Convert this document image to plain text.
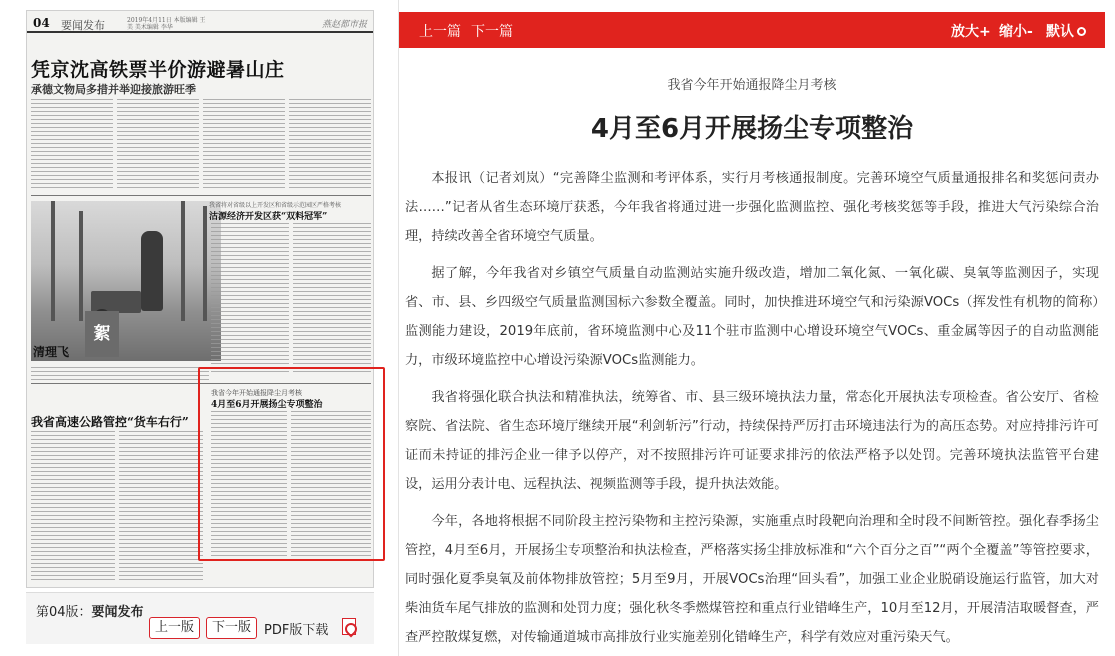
04 要闻发布	2019年4月11日 本版编辑 王美 美术编辑 李华	燕赵都市报
凭京沈高铁票半价游避暑山庄
承德文物局多措并举迎接旅游旺季
絮
清理飞
我省将对省级以上开发区和省级示范园区严格考核
沽源经济开发区获“双料冠军”
我省高速公路管控“货车右行”
我省今年开始通报降尘月考核
4月至6月开展扬尘专项整治
第04版：要闻发布
上一版	下一版 PDF版下载
上一篇 下一篇	放大+ 缩小- 默认
我省今年开始通报降尘月考核
4月至6月开展扬尘专项整治

本报讯（记者刘岚）“完善降尘监测和考评体系，实行月考核通报制度。完善环境空气质量通报排名和奖惩问责办法……”记者从省生态环境厅获悉，今年我省将通过进一步强化监测监控、强化考核奖惩等手段，推进大气污染综合治理，持续改善全省环境空气质量。

据了解，今年我省对乡镇空气质量自动监测站实施升级改造，增加二氧化氮、一氧化碳、臭氧等监测因子，实现省、市、县、乡四级空气质量监测国标六参数全覆盖。同时，加快推进环境空气和污染源VOCs（挥发性有机物的简称）监测能力建设，2019年底前，省环境监测中心及11个驻市监测中心增设环境空气VOCs、重金属等因子的自动监测能力，市级环境监控中心增设污染源VOCs监测能力。

我省将强化联合执法和精准执法，统筹省、市、县三级环境执法力量，常态化开展执法专项检查。省公安厅、省检察院、省法院、省生态环境厅继续开展“利剑斩污”行动，持续保持严厉打击环境违法行为的高压态势。对应持排污许可证而未持证的排污企业一律予以停产，对不按照排污许可证要求排污的依法严格予以处罚。完善环境执法监管平台建设，运用分表计电、远程执法、视频监测等手段，提升执法效能。

今年，各地将根据不同阶段主控污染物和主控污染源，实施重点时段靶向治理和全时段不间断管控。强化春季扬尘管控，4月至6月，开展扬尘专项整治和执法检查，严格落实扬尘排放标准和“六个百分之百”“两个全覆盖”等管控要求，同时强化夏季臭氧及前体物排放管控；5月至9月，开展VOCs治理“回头看”，加强工业企业脱硝设施运行监管，加大对柴油货车尾气排放的监测和处罚力度；强化秋冬季燃煤管控和重点行业错峰生产，10月至12月，开展清洁取暖督查，严查严控散煤复燃，对传输通道城市高排放行业实施差别化错峰生产，科学有效应对重污染天气。
